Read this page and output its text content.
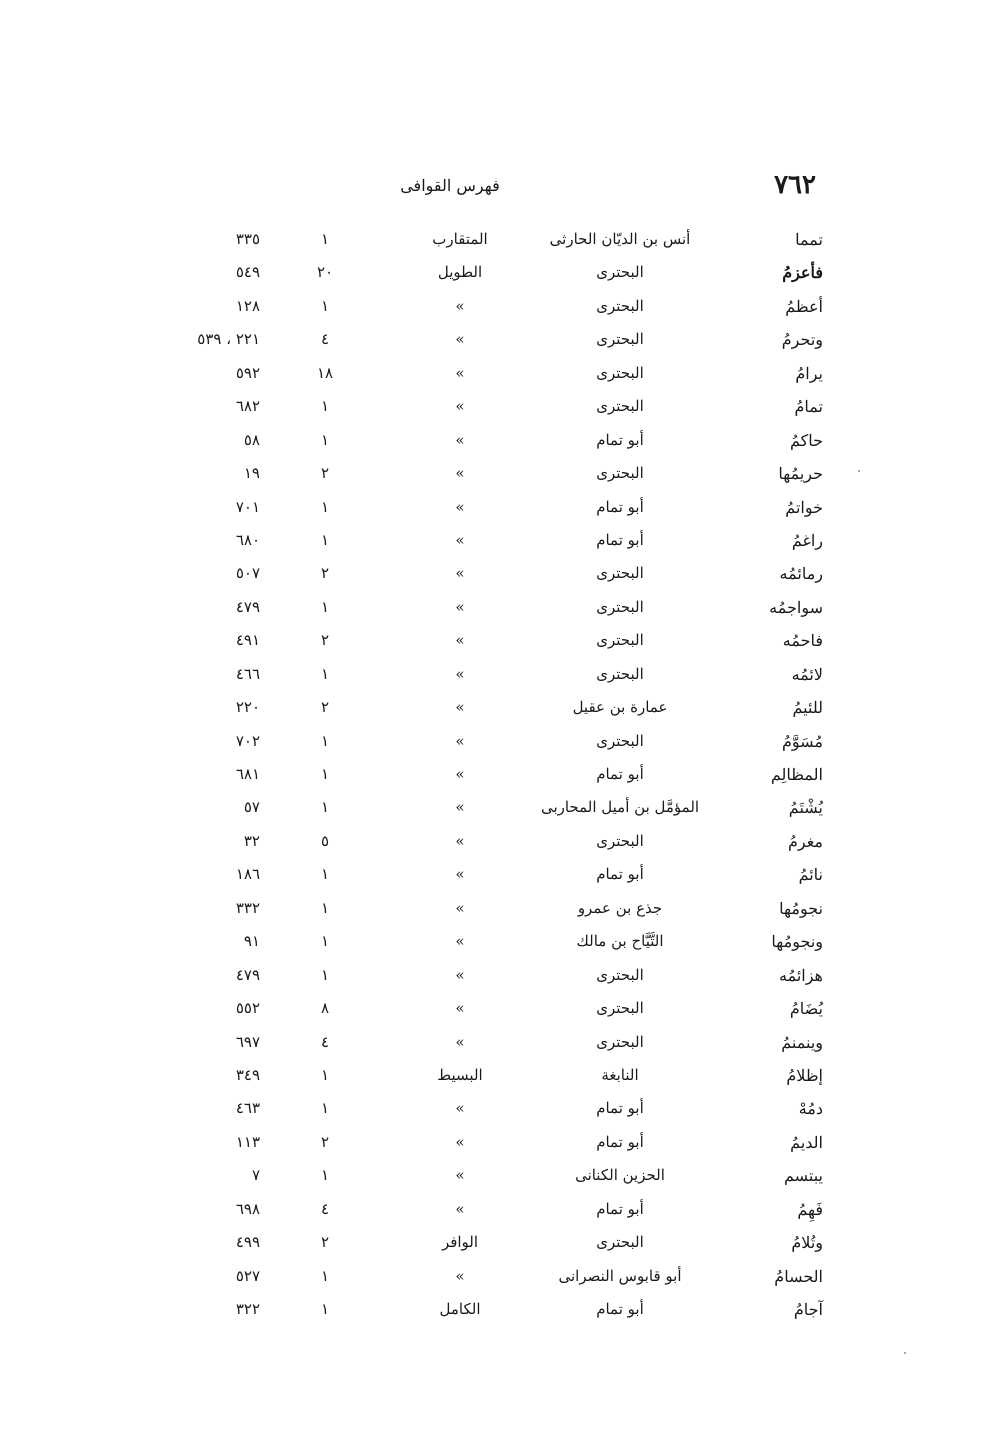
٧٦٢
فهرس القوافى
تمما
أنس بن الديّان الحارثى
المتقارب
١
٣٣٥
فأعزمُ
البحترى
الطويل
٢٠
٥٤٩
أعظمُ
البحترى
»
١
١٢٨
وتحرمُ
البحترى
»
٤
٢٢١ ، ٥٣٩
يرامُ
البحترى
»
١٨
٥٩٢
تمامُ
البحترى
»
١
٦٨٢
حاكمُ
أبو تمام
»
١
٥٨
حريمُها
البحترى
»
٢
١٩
خواتمُ
أبو تمام
»
١
٧٠١
راغمُ
أبو تمام
»
١
٦٨٠
رمائمُه
البحترى
»
٢
٥٠٧
سواجمُه
البحترى
»
١
٤٧٩
فاحمُه
البحترى
»
٢
٤٩١
لائمُه
البحترى
»
١
٤٦٦
للئيمُ
عمارة بن عقيل
»
٢
٢٢٠
مُسَوَّمُ
البحترى
»
١
٧٠٢
المظالِم
أبو تمام
»
١
٦٨١
يُشْتَمُ
المؤمَّل بن أميل المحاربى
»
١
٥٧
مغرمُ
البحترى
»
٥
٣٢
نائمُ
أبو تمام
»
١
١٨٦
نجومُها
جذع بن عمرو
»
١
٣٣٢
ونجومُها
التَّيَّاح بن مالك
»
١
٩١
هزائمُه
البحترى
»
١
٤٧٩
يُضَامُ
البحترى
»
٨
٥٥٢
وينمنمُ
البحترى
»
٤
٦٩٧
إظلامُ
النابغة
البسيط
١
٣٤٩
دمُهْ
أبو تمام
»
١
٤٦٣
الديمُ
أبو تمام
»
٢
١١٣
يبتسم
الحزين الكنانى
»
١
٧
فَهِمُ
أبو تمام
»
٤
٦٩٨
وتُلامُ
البحترى
الوافر
٢
٤٩٩
الحسامُ
أبو قابوس النصرانى
»
١
٥٢٧
آجامُ
أبو تمام
الكامل
١
٣٢٢
